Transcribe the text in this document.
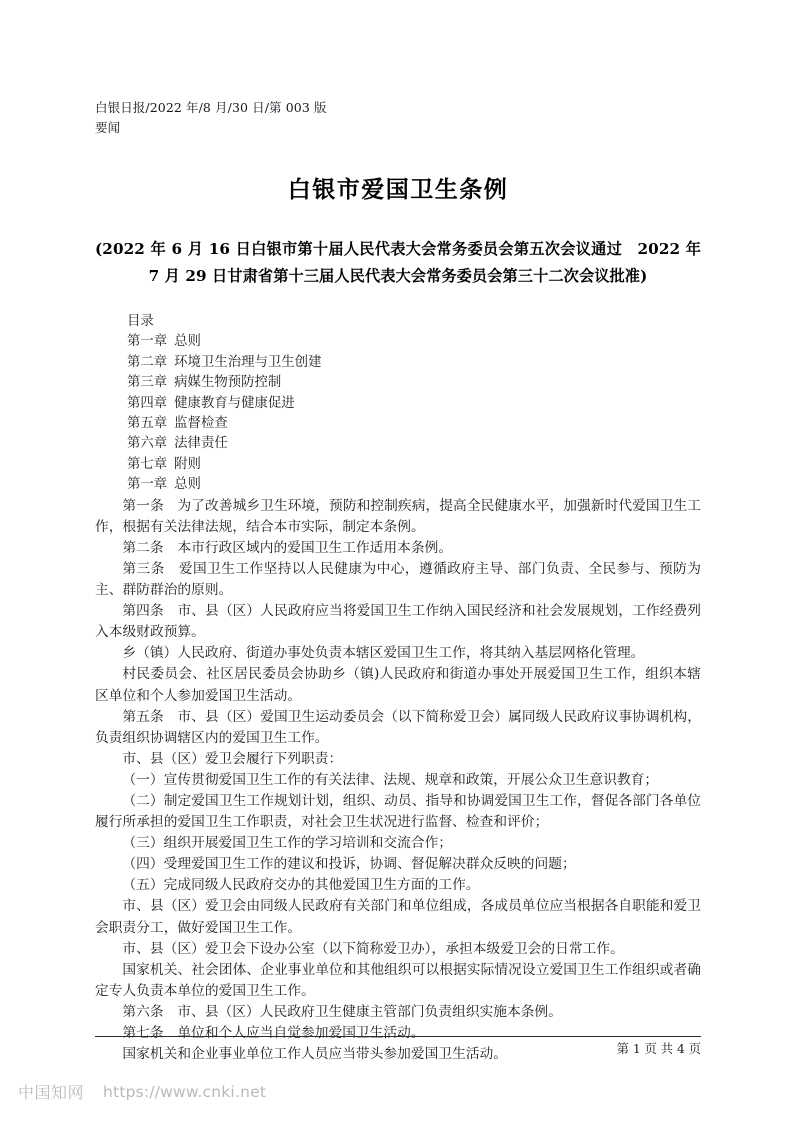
白银日报/2022 年/8 月/30 日/第 003 版
要闻
白银市爱国卫生条例
(2022 年 6 月 16 日白银市第十届人民代表大会常务委员会第五次会议通过　2022 年 7 月 29 日甘肃省第十三届人民代表大会常务委员会第三十二次会议批准)
目录
第一章 总则
第二章 环境卫生治理与卫生创建
第三章 病媒生物预防控制
第四章 健康教育与健康促进
第五章 监督检查
第六章 法律责任
第七章 附则
第一章 总则

第一条　为了改善城乡卫生环境，预防和控制疾病，提高全民健康水平，加强新时代爱国卫生工作，根据有关法律法规，结合本市实际，制定本条例。

第二条　本市行政区域内的爱国卫生工作适用本条例。

第三条　爱国卫生工作坚持以人民健康为中心，遵循政府主导、部门负责、全民参与、预防为主、群防群治的原则。

第四条　市、县（区）人民政府应当将爱国卫生工作纳入国民经济和社会发展规划，工作经费列入本级财政预算。

乡（镇）人民政府、街道办事处负责本辖区爱国卫生工作，将其纳入基层网格化管理。

村民委员会、社区居民委员会协助乡（镇)人民政府和街道办事处开展爱国卫生工作，组织本辖区单位和个人参加爱国卫生活动。

第五条　市、县（区）爱国卫生运动委员会（以下简称爱卫会）属同级人民政府议事协调机构，负责组织协调辖区内的爱国卫生工作。

市、县（区）爱卫会履行下列职责：

（一）宣传贯彻爱国卫生工作的有关法律、法规、规章和政策，开展公众卫生意识教育；

（二）制定爱国卫生工作规划计划，组织、动员、指导和协调爱国卫生工作，督促各部门各单位履行所承担的爱国卫生工作职责，对社会卫生状况进行监督、检查和评价；

（三）组织开展爱国卫生工作的学习培训和交流合作；

（四）受理爱国卫生工作的建议和投诉，协调、督促解决群众反映的问题；

（五）完成同级人民政府交办的其他爱国卫生方面的工作。

市、县（区）爱卫会由同级人民政府有关部门和单位组成，各成员单位应当根据各自职能和爱卫会职责分工，做好爱国卫生工作。

市、县（区）爱卫会下设办公室（以下简称爱卫办），承担本级爱卫会的日常工作。

国家机关、社会团体、企业事业单位和其他组织可以根据实际情况设立爱国卫生工作组织或者确定专人负责本单位的爱国卫生工作。

第六条　市、县（区）人民政府卫生健康主管部门负责组织实施本条例。

第七条　单位和个人应当自觉参加爱国卫生活动。

国家机关和企业事业单位工作人员应当带头参加爱国卫生活动。	第 1 页 共 4 页
中国知网 https://www.cnki.net
